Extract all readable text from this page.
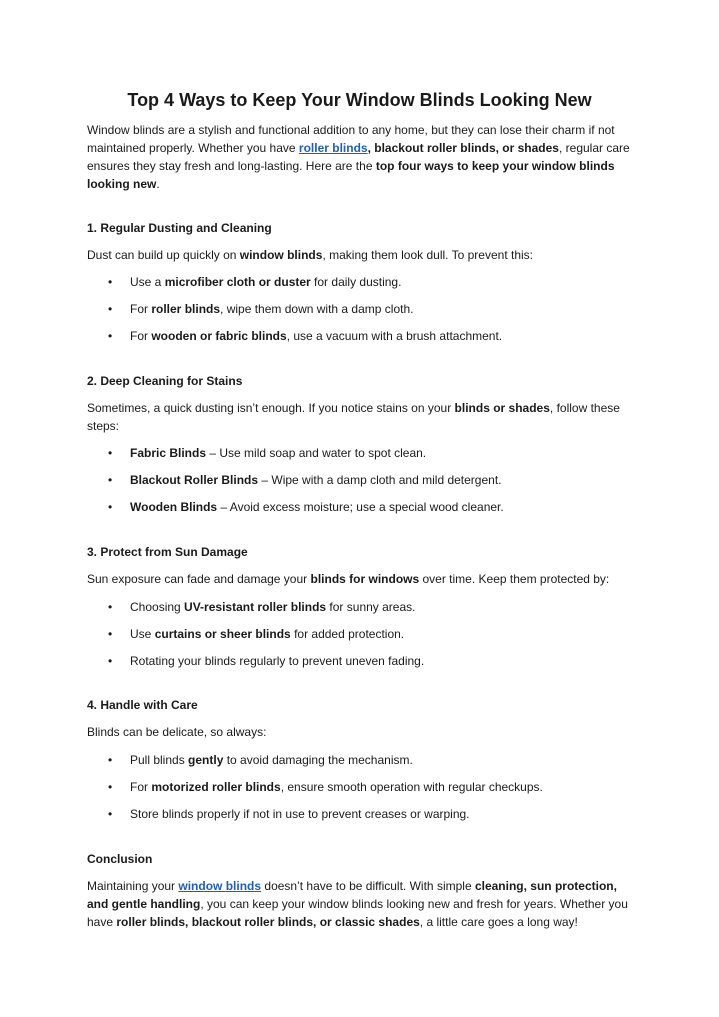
Top 4 Ways to Keep Your Window Blinds Looking New

Window blinds are a stylish and functional addition to any home, but they can lose their charm if not maintained properly. Whether you have roller blinds, blackout roller blinds, or shades, regular care ensures they stay fresh and long-lasting. Here are the top four ways to keep your window blinds looking new.

1. Regular Dusting and Cleaning

Dust can build up quickly on window blinds, making them look dull. To prevent this:

•	Use a microfiber cloth or duster for daily dusting.
•	For roller blinds, wipe them down with a damp cloth.
•	For wooden or fabric blinds, use a vacuum with a brush attachment.
2. Deep Cleaning for Stains

Sometimes, a quick dusting isn’t enough. If you notice stains on your blinds or shades, follow these steps:

•	Fabric Blinds – Use mild soap and water to spot clean.
•	Blackout Roller Blinds – Wipe with a damp cloth and mild detergent.
•	Wooden Blinds – Avoid excess moisture; use a special wood cleaner.
3. Protect from Sun Damage

Sun exposure can fade and damage your blinds for windows over time. Keep them protected by:

•	Choosing UV-resistant roller blinds for sunny areas.
•	Use curtains or sheer blinds for added protection.
•	Rotating your blinds regularly to prevent uneven fading.
4. Handle with Care

Blinds can be delicate, so always:

•	Pull blinds gently to avoid damaging the mechanism.
•	For motorized roller blinds, ensure smooth operation with regular checkups.
•	Store blinds properly if not in use to prevent creases or warping.
Conclusion

Maintaining your window blinds doesn’t have to be difficult. With simple cleaning, sun protection, and gentle handling, you can keep your window blinds looking new and fresh for years. Whether you have roller blinds, blackout roller blinds, or classic shades, a little care goes a long way!
